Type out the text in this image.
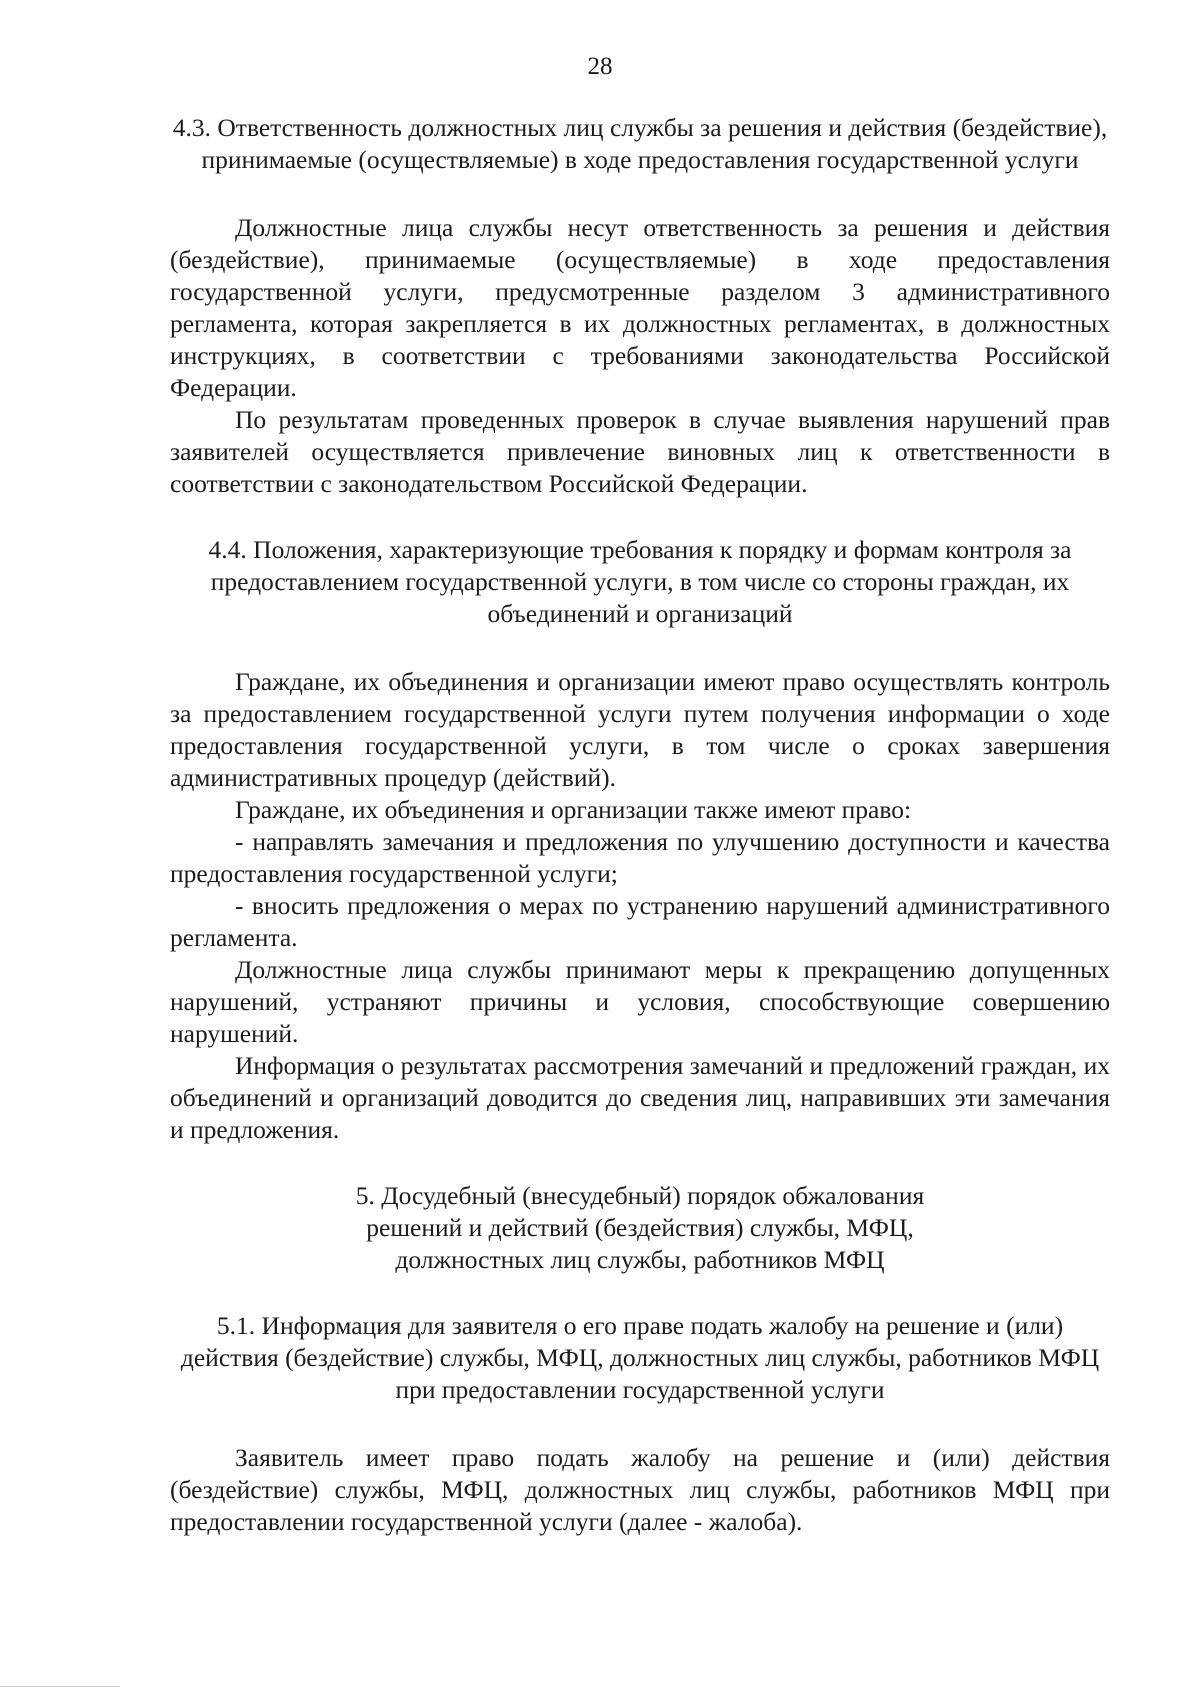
28

4.3. Ответственность должностных лиц службы за решения и действия (бездействие), принимаемые (осуществляемые) в ходе предоставления государственной услуги

Должностные лица службы несут ответственность за решения и действия (бездействие), принимаемые (осуществляемые) в ходе предоставления государственной услуги, предусмотренные разделом 3 административного регламента, которая закрепляется в их должностных регламентах, в должностных инструкциях, в соответствии с требованиями законодательства Российской Федерации.

По результатам проведенных проверок в случае выявления нарушений прав заявителей осуществляется привлечение виновных лиц к ответственности в соответствии с законодательством Российской Федерации.

4.4. Положения, характеризующие требования к порядку и формам контроля за предоставлением государственной услуги, в том числе со стороны граждан, их объединений и организаций

Граждане, их объединения и организации имеют право осуществлять контроль за предоставлением государственной услуги путем получения информации о ходе предоставления государственной услуги, в том числе о сроках завершения административных процедур (действий).

Граждане, их объединения и организации также имеют право:

- направлять замечания и предложения по улучшению доступности и качества предоставления государственной услуги;

- вносить предложения о мерах по устранению нарушений административного регламента.

Должностные лица службы принимают меры к прекращению допущенных нарушений, устраняют причины и условия, способствующие совершению нарушений.

Информация о результатах рассмотрения замечаний и предложений граждан, их объединений и организаций доводится до сведения лиц, направивших эти замечания и предложения.

5. Досудебный (внесудебный) порядок обжалования решений и действий (бездействия) службы, МФЦ, должностных лиц службы, работников МФЦ

5.1. Информация для заявителя о его праве подать жалобу на решение и (или) действия (бездействие) службы, МФЦ, должностных лиц службы, работников МФЦ при предоставлении государственной услуги

Заявитель имеет право подать жалобу на решение и (или) действия (бездействие) службы, МФЦ, должностных лиц службы, работников МФЦ при предоставлении государственной услуги (далее - жалоба).
